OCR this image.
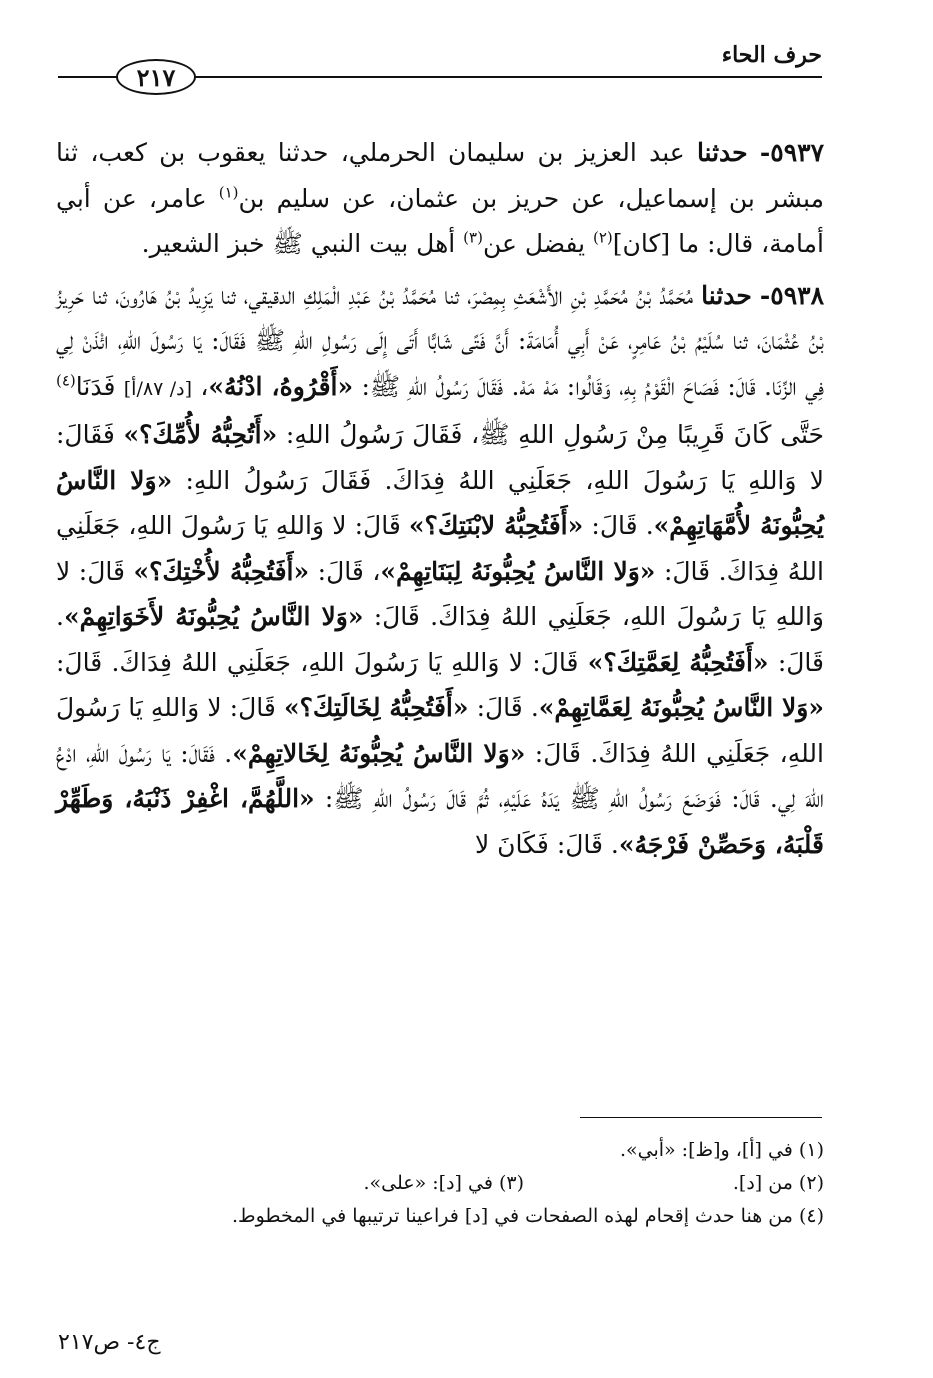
حرف الحاء
٢١٧

٥٩٣٧- حدثنا عبد العزيز بن سليمان الحرملي، حدثنا يعقوب بن كعب، ثنا مبشر بن إسماعيل، عن حريز بن عثمان، عن سليم بن$^{(١)}$ عامر، عن أبي أمامة، قال: ما [كان]$^{(٢)}$ يفضل عن$^{(٣)}$ أهل بيت النبي ﷺ خبز الشعير.

٥٩٣٨- حدثنا مُحَمَّدُ بْنُ مُحَمَّدِ بْنِ الأَشْعَثِ بِمِصْرَ، ثنا مُحَمَّدُ بْنُ عَبْدِ الْمَلِكِ الدقيقي، ثنا يَزِيدُ بْنُ هَارُونَ، ثنا حَرِيزُ بْنُ عُثْمَانَ، ثنا سُلَيْمُ بْنُ عَامِرٍ، عَنْ أَبِي أُمَامَةَ: أَنَّ فَتًى شَابًّا أَتَى إِلَى رَسُولِ اللهِ ﷺ فَقَالَ: يَا رَسُولَ اللهِ، ائْذَنْ لِي فِي الزِّنَا. قَالَ: فَصَاحَ الْقَوْمُ بِهِ، وَقَالُوا: مَهْ مَهْ. فَقَالَ رَسُولُ اللهِ ﷺ: «أَقْرُوهُ، ادْنُهُ»، [د/ ٨٧/أ] فَدَنَا$^{(٤)}$ حَتَّى كَانَ قَرِيبًا مِنْ رَسُولِ اللهِ ﷺ، فَقَالَ رَسُولُ اللهِ: «أَتُحِبُّهُ لأُمِّكَ؟» فَقَالَ: لا وَاللهِ يَا رَسُولَ اللهِ، جَعَلَنِي اللهُ فِدَاكَ. فَقَالَ رَسُولُ اللهِ: «وَلا النَّاسُ يُحِبُّونَهُ لأُمَّهَاتِهِمْ». قَالَ: «أَفَتُحِبُّهُ لابْنَتِكَ؟» قَالَ: لا وَاللهِ يَا رَسُولَ اللهِ، جَعَلَنِي اللهُ فِدَاكَ. قَالَ: «وَلا النَّاسُ يُحِبُّونَهُ لِبَنَاتِهِمْ»، قَالَ: «أَفَتُحِبُّهُ لأُخْتِكَ؟» قَالَ: لا وَاللهِ يَا رَسُولَ اللهِ، جَعَلَنِي اللهُ فِدَاكَ. قَالَ: «وَلا النَّاسُ يُحِبُّونَهُ لأَخَوَاتِهِمْ». قَالَ: «أَفَتُحِبُّهُ لِعَمَّتِكَ؟» قَالَ: لا وَاللهِ يَا رَسُولَ اللهِ، جَعَلَنِي اللهُ فِدَاكَ. قَالَ: «وَلا النَّاسُ يُحِبُّونَهُ لِعَمَّاتِهِمْ». قَالَ: «أَفَتُحِبُّهُ لِخَالَتِكَ؟» قَالَ: لا وَاللهِ يَا رَسُولَ اللهِ، جَعَلَنِي اللهُ فِدَاكَ. قَالَ: «وَلا النَّاسُ يُحِبُّونَهُ لِخَالاتِهِمْ». فَقَالَ: يَا رَسُولَ اللهِ، ادْعُ اللهَ لِي. قَالَ: فَوَضَعَ رَسُولُ اللهِ ﷺ يَدَهُ عَلَيْهِ، ثُمَّ قَالَ رَسُولُ اللهِ ﷺ: «اللَّهُمَّ، اغْفِرْ ذَنْبَهُ، وَطَهِّرْ قَلْبَهُ، وَحَصِّنْ فَرْجَهُ». قَالَ: فَكَانَ لا

(١) في [أ]، و[ظ]: «أبي».
(٢) من [د].
(٣) في [د]: «على».
(٤) من هنا حدث إقحام لهذه الصفحات في [د] فراعينا ترتيبها في المخطوط.
ج٤- ص٢١٧
